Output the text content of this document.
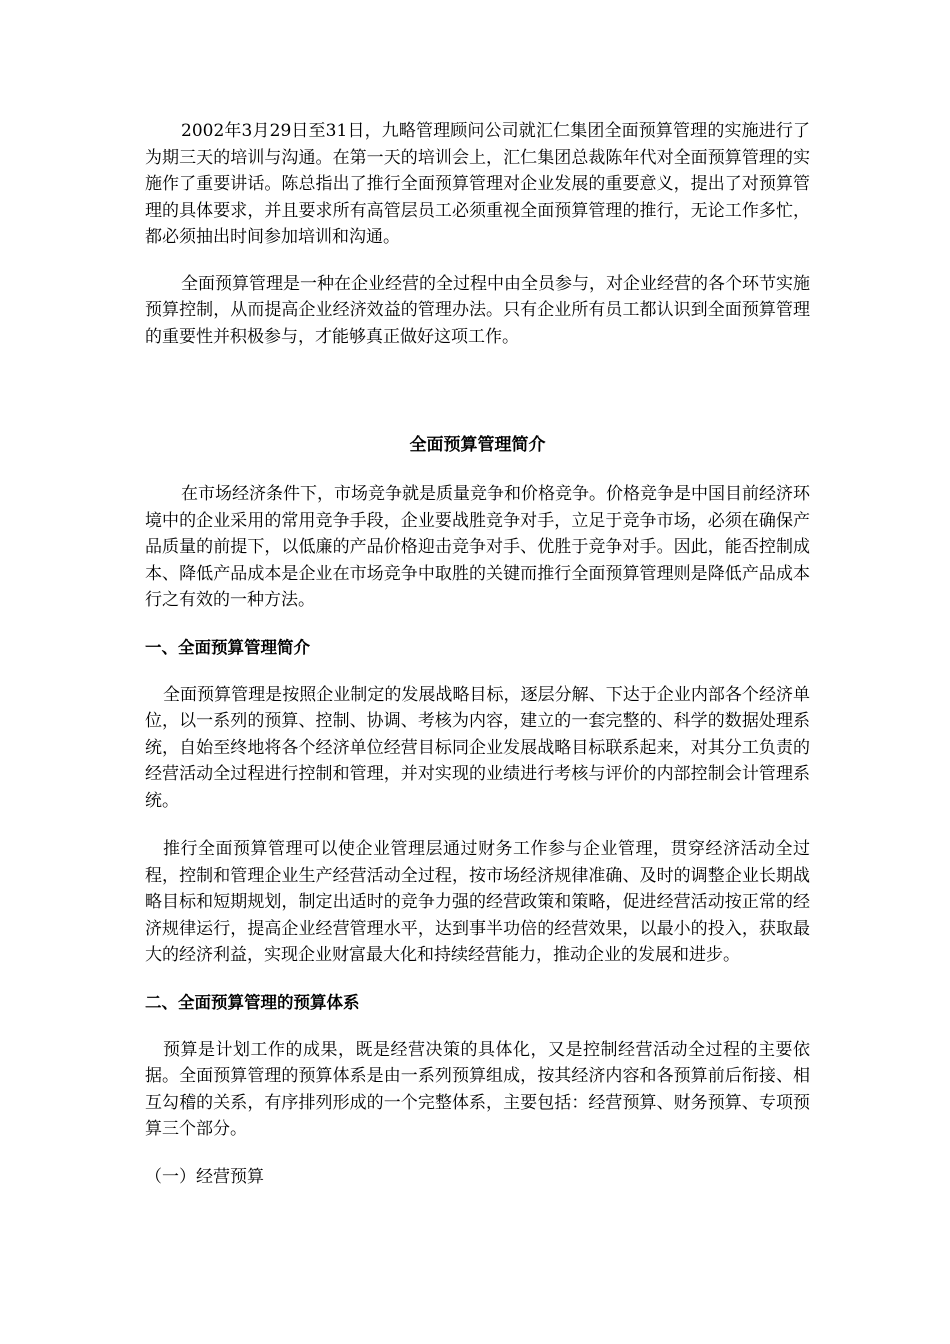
2002年3月29日至31日，九略管理顾问公司就汇仁集团全面预算管理的实施进行了为期三天的培训与沟通。在第一天的培训会上，汇仁集团总裁陈年代对全面预算管理的实施作了重要讲话。陈总指出了推行全面预算管理对企业发展的重要意义，提出了对预算管理的具体要求，并且要求所有高管层员工必须重视全面预算管理的推行，无论工作多忙，都必须抽出时间参加培训和沟通。

全面预算管理是一种在企业经营的全过程中由全员参与，对企业经营的各个环节实施预算控制，从而提高企业经济效益的管理办法。只有企业所有员工都认识到全面预算管理的重要性并积极参与，才能够真正做好这项工作。

全面预算管理简介

在市场经济条件下，市场竞争就是质量竞争和价格竞争。价格竞争是中国目前经济环境中的企业采用的常用竞争手段，企业要战胜竞争对手，立足于竞争市场，必须在确保产品质量的前提下，以低廉的产品价格迎击竞争对手、优胜于竞争对手。因此，能否控制成本、降低产品成本是企业在市场竞争中取胜的关键而推行全面预算管理则是降低产品成本行之有效的一种方法。

一、全面预算管理简介

全面预算管理是按照企业制定的发展战略目标，逐层分解、下达于企业内部各个经济单位，以一系列的预算、控制、协调、考核为内容，建立的一套完整的、科学的数据处理系统，自始至终地将各个经济单位经营目标同企业发展战略目标联系起来，对其分工负责的经营活动全过程进行控制和管理，并对实现的业绩进行考核与评价的内部控制会计管理系统。

推行全面预算管理可以使企业管理层通过财务工作参与企业管理，贯穿经济活动全过程，控制和管理企业生产经营活动全过程，按市场经济规律准确、及时的调整企业长期战略目标和短期规划，制定出适时的竞争力强的经营政策和策略，促进经营活动按正常的经济规律运行，提高企业经营管理水平，达到事半功倍的经营效果，以最小的投入，获取最大的经济利益，实现企业财富最大化和持续经营能力，推动企业的发展和进步。

二、全面预算管理的预算体系

预算是计划工作的成果，既是经营决策的具体化，又是控制经营活动全过程的主要依据。全面预算管理的预算体系是由一系列预算组成，按其经济内容和各预算前后衔接、相互勾稽的关系，有序排列形成的一个完整体系，主要包括：经营预算、财务预算、专项预算三个部分。

（一）经营预算
